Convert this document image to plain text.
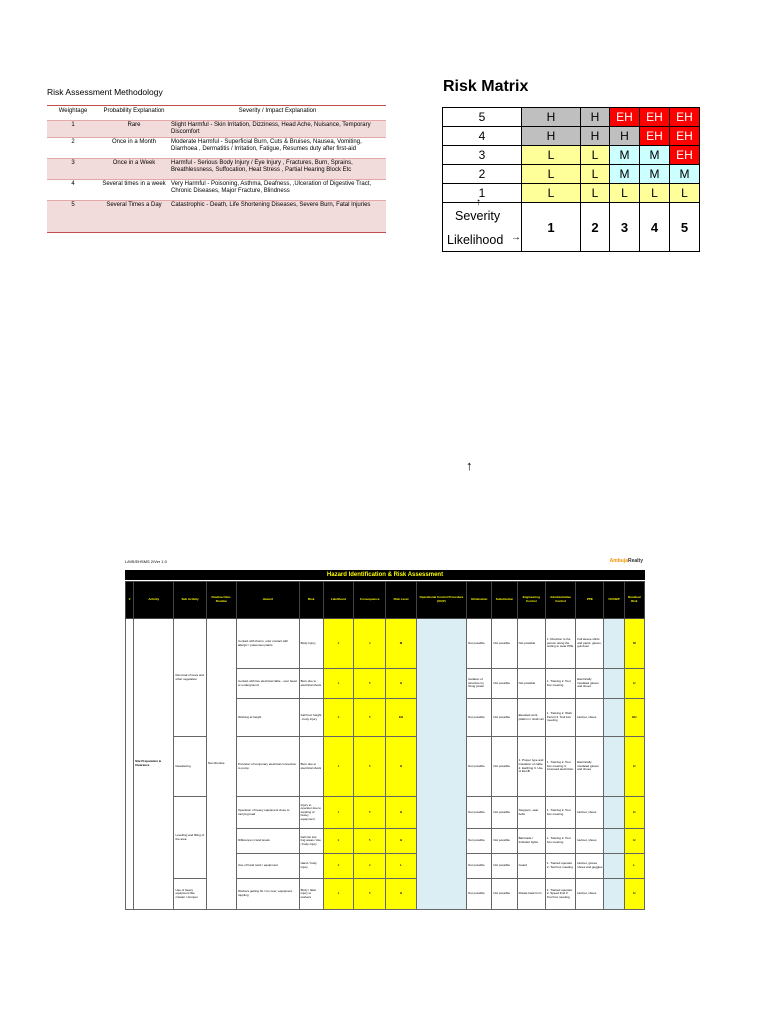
Risk Assessment Methodology
Weightage	Probability Explanation	Severity / Impact Explanation
1	Rare	Slight Harmful - Skin Irritation, Dizziness, Head Ache, Nuisance, Temporary Discomfort
2	Once in a Month	Moderate Harmful - Superficial Burn, Cuts & Bruises, Nausea, Vomiting, Diarrhoea , Dermatitis / Irritation, Fatigue, Resumes duty after first-aid
3	Once in a Week	Harmful - Serious Body Injury / Eye Injury , Fractures, Burn, Sprains, Breathlessness, Suffocation, Heat Stress , Partial Hearing Block Etc
4	Several times in a week	Very Harmful - Poisoning, Asthma, Deafness, ,Ulceration of Digestive Tract, Chronic Diseases, Major Fracture, Blindness
5	Several Times a Day	Catastrophic - Death, Life Shortening Diseases, Severe Burn, Fatal Injuries
Risk Matrix
5	H	H	EH	EH	EH
4	H	H	H	EH	EH
3	L	L	M	M	EH
2	L	L	M	M	M
1	L	L	L	L	L

↑
Severity
Likelihood →	1	2	3	4	5
↑
L/MS/EHSMS 2/Ver 1.0	AmbujaRealty
Hazard Identification & Risk Assessment
#	Activity	Sub Activity	Routine/ Non-Routine	Hazard	Risk	Likelihood	Consequence	Risk Level	Operational Control Procedure (OCP)	Elimination	Substitution	Engineering Control	Administrative Control	PPE	CF/OBP	Residual Risk
	Site Preparation & Clearance	Removal of trees and other vegetation	Non-Routine	Contact with thorns, odor contact with allergic / poisonous plants	Body Injury	3	3	M		Not possible	Not possible	Not possible	1. Direction to the person doing the cutting to wear PPE	Full sleeve shirts and pants, gloves, gumboot		M
				Contact with live electrical cable - over head or underground	Burn due to electrical shock	1	5	H		Isolation of structure by fixing power	Not possible	Not possible	1. Training 2. Tool box meeting	Electrically insulated gloves and shoes		H
				Working at height	Fall from height - body injury	3	5	EH		Not possible	Not possible	Elevated work platform / Grab rail	1. Training 2. Work Permit 3. Tool box meeting	Helmet, shoes		EH
		Dewatering		Provision of temporary electrical connection to pump	Burn due to electrical shock	1	5	H		Not possible	Not possible	1. Proper type and insulation of cable 2. Earthing 3. Use of ELCB	1. Training 2. Tool box meeting 3. Licensed electrician	Electrically insulated gloves and shoes		H
		Levelling and filling of the area		Operation of heavy equipment close to carrying load	Injury to operator due to toppling of heavy equipment	1	5	H		Not possible	Not possible	Stoppers, seat belts	1. Training 2. Tool box meeting	Helmet, shoes		H
				Difference in land levels	Fall into low ling areas / site / body injury	2	5	H		Not possible	Not possible	Barricade / Indicator lights	1. Training 2. Tool box meeting	Helmet, shoes		H
				Use of hand tools / equipment	Hand / body injury	2	2	L		Not possible	Not possible	Guard	1. Trained operator 2. Tool box meeting	Helmet, gloves shoes and goggles		L
		Use of heavy equipment like crawler / dumper		Workers getting hit / run over; equipment toppling	Body / fatal injury to workers	1	5	H		Not possible	Not possible	Rotate back horn	1. Trained operator 2. Speed limit 3. Tool box meeting	Helmet, shoes		H
